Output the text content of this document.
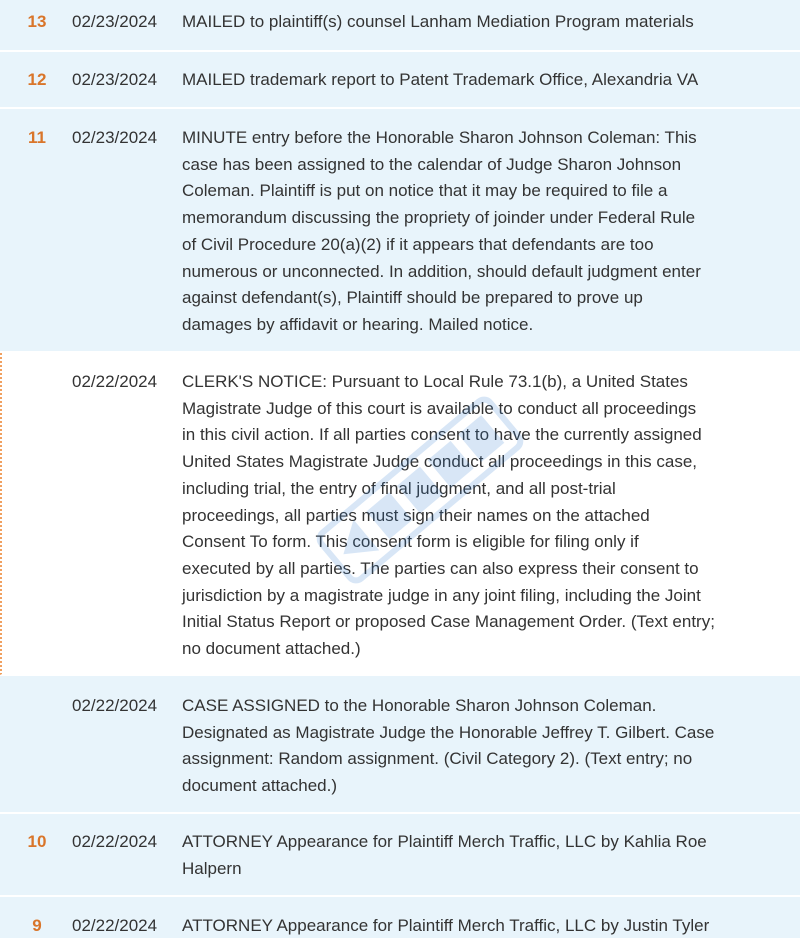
13	02/23/2024 MAILED to plaintiff(s) counsel Lanham Mediation Program materials
12	02/23/2024 MAILED trademark report to Patent Trademark Office, Alexandria VA
11	02/23/2024 MINUTE entry before the Honorable Sharon Johnson Coleman: This
case has been assigned to the calendar of Judge Sharon Johnson
Coleman. Plaintiff is put on notice that it may be required to file a
memorandum discussing the propriety of joinder under Federal Rule
of Civil Procedure 20(a)(2) if it appears that defendants are too
numerous or unconnected. In addition, should default judgment enter
against defendant(s), Plaintiff should be prepared to prove up
damages by affidavit or hearing. Mailed notice.
02/22/2024 CLERK'S NOTICE: Pursuant to Local Rule 73.1(b), a United States
Magistrate Judge of this court is available to conduct all proceedings
in this civil action. If all parties consent to have the currently assigned
United States Magistrate Judge conduct all proceedings in this case,
including trial, the entry of final judgment, and all post-trial
proceedings, all parties must sign their names on the attached
Consent To form. This consent form is eligible for filing only if
executed by all parties. The parties can also express their consent to
jurisdiction by a magistrate judge in any joint filing, including the Joint
Initial Status Report or proposed Case Management Order. (Text entry;
no document attached.)
02/22/2024 CASE ASSIGNED to the Honorable Sharon Johnson Coleman.
Designated as Magistrate Judge the Honorable Jeffrey T. Gilbert. Case
assignment: Random assignment. (Civil Category 2). (Text entry; no
document attached.)
10	02/22/2024 ATTORNEY Appearance for Plaintiff Merch Traffic, LLC by Kahlia Roe
Halpern
9	02/22/2024 ATTORNEY Appearance for Plaintiff Merch Traffic, LLC by Justin Tyler
